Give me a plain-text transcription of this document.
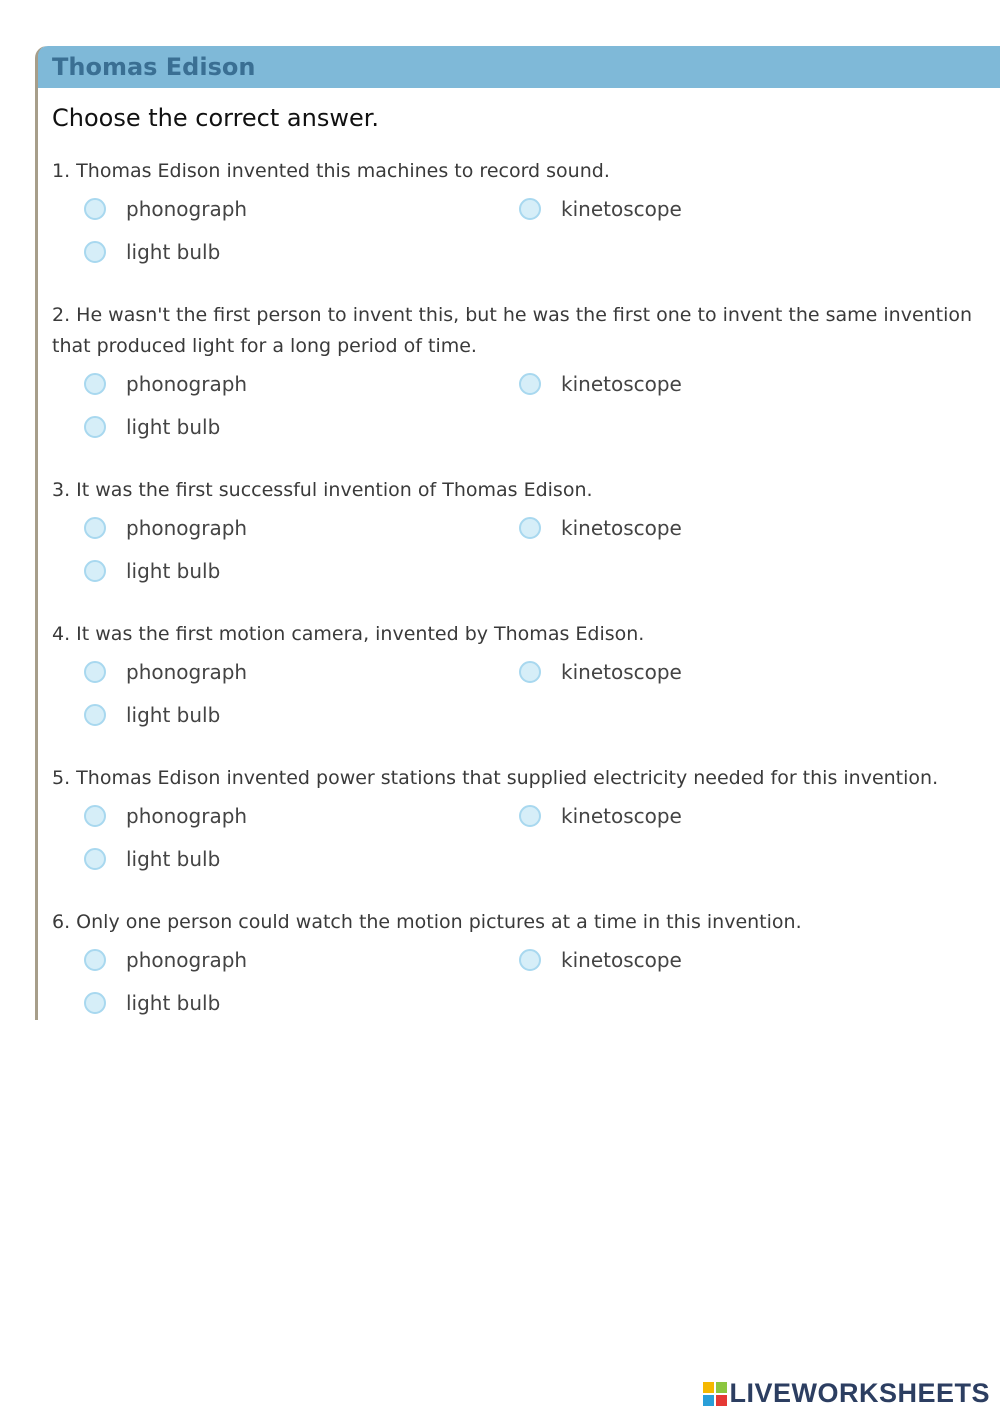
Thomas Edison
Choose the correct answer.

1. Thomas Edison invented this machines to record sound.

phonograph	kinetoscope
light bulb

2. He wasn't the first person to invent this, but he was the first one to invent the same invention that produced light for a long period of time.

phonograph	kinetoscope
light bulb

3. It was the first successful invention of Thomas Edison.

phonograph	kinetoscope
light bulb

4. It was the first motion camera, invented by Thomas Edison.

phonograph	kinetoscope
light bulb

5. Thomas Edison invented power stations that supplied electricity needed for this invention.

phonograph	kinetoscope
light bulb

6. Only one person could watch the motion pictures at a time in this invention.

phonograph	kinetoscope
light bulb
LIVEWORKSHEETS
